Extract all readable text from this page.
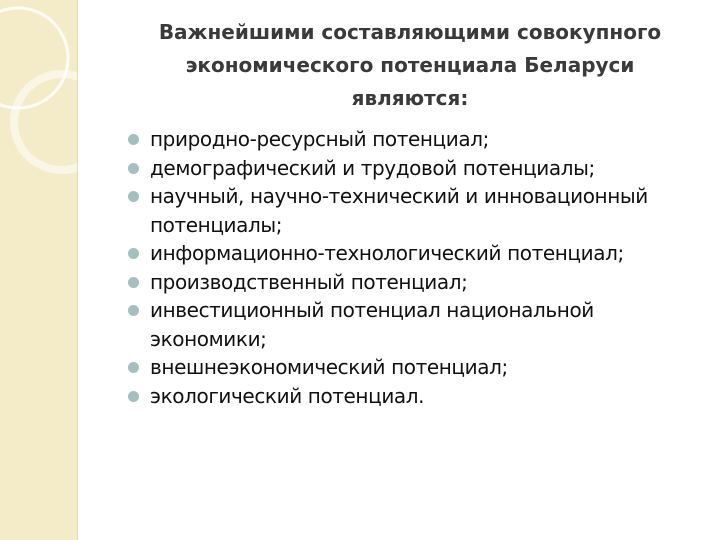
Важнейшими составляющими совокупного экономического потенциала Беларуси являются:
природно-ресурсный потенциал;
демографический и трудовой потенциалы;
научный, научно-технический и инновационный потенциалы;
информационно-технологический потенциал;
производственный потенциал;
инвестиционный потенциал национальной экономики;
внешнеэкономический потенциал;
экологический потенциал.
